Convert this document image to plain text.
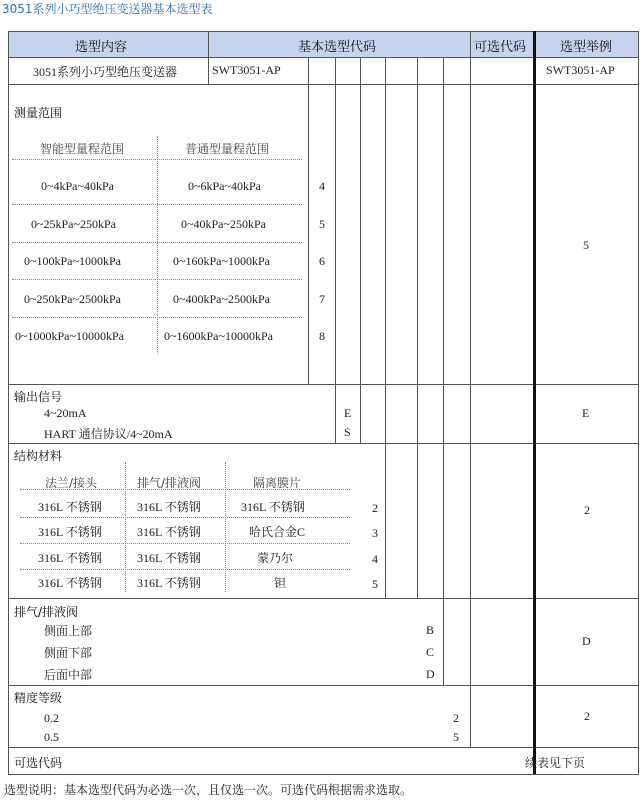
3051系列小巧型绝压变送器基本选型表
选型内容	基本选型代码	可选代码	选型举例
3051系列小巧型绝压变送器	SWT3051-AP	SWT3051-AP
测量范围
智能型量程范围	普通型量程范围
0~4kPa~40kPa	0~6kPa~40kPa	4
0~25kPa~250kPa	0~40kPa~250kPa	5
0~100kPa~1000kPa	0~160kPa~1000kPa	6
0~250kPa~2500kPa	0~400kPa~2500kPa	7
0~1000kPa~10000kPa	0~1600kPa~10000kPa	8
5
输出信号
4~20mA	E
HART 通信协议/4~20mA	S
E
结构材料
法兰/接头	排气/排液阀	隔离膜片
316L 不锈钢	316L 不锈钢	316L 不锈钢	2
316L 不锈钢	316L 不锈钢	哈氏合金C	3
316L 不锈钢	316L 不锈钢	蒙乃尔	4
316L 不锈钢	316L 不锈钢	钽	5
2
排气/排液阀
侧面上部	B
侧面下部	C
后面中部	D
D
精度等级
0.2	2
0.5	5
2
可选代码	续表见下页
选型说明：基本选型代码为必选一次，且仅选一次。可选代码根据需求选取。
